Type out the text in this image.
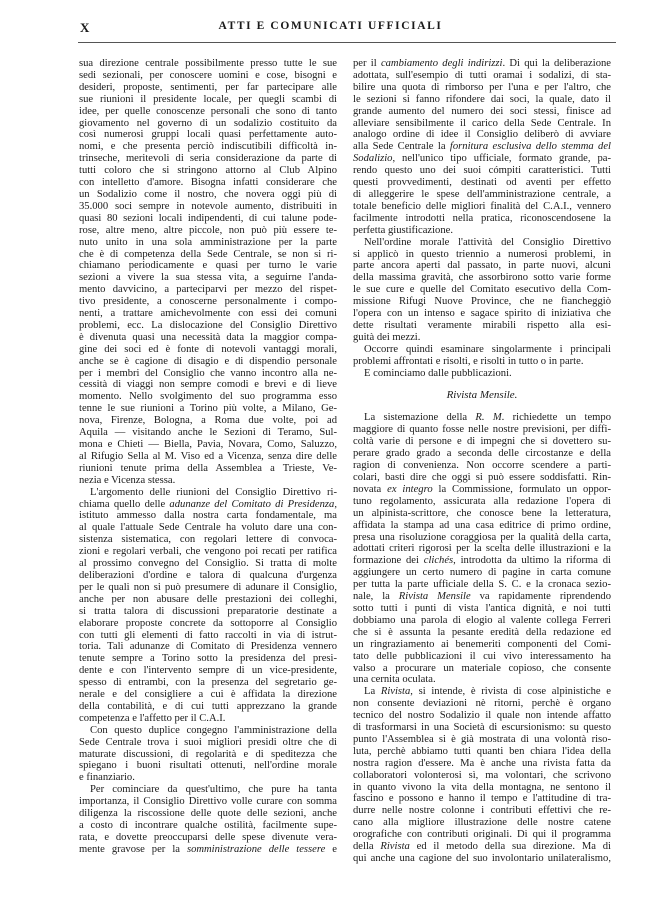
X	ATTI E COMUNICATI UFFICIALI
sua direzione centrale possibilmente presso tutte le sue
sedi sezionali, per conoscere uomini e cose, bisogni e
desideri, proposte, sentimenti, per far partecipare alle
sue riunioni il presidente locale, per quegli scambi di
idee, per quelle conoscenze personali che sono di tanto
giovamento nel governo di un sodalizio costituito da
così numerosi gruppi locali quasi perfettamente auto-
nomi, e che presenta perciò indiscutibili difficoltà in-
trinseche, meritevoli di seria considerazione da parte di
tutti coloro che si stringono attorno al Club Alpino
con intelletto d'amore. Bisogna infatti considerare che
un Sodalizio come il nostro, che novera oggi più di
35.000 soci sempre in notevole aumento, distribuiti in
quasi 80 sezioni locali indipendenti, di cui talune pode-
rose, altre meno, altre piccole, non può più essere te-
nuto unito in una sola amministrazione per la parte
che è di competenza della Sede Centrale, se non si ri-
chiamano periodicamente e quasi per turno le varie
sezioni a vivere la sua stessa vita, a seguirne l'anda-
mento davvicino, a parteciparvi per mezzo del rispet-
tivo presidente, a conoscerne personalmente i compo-
nenti, a trattare amichevolmente con essi dei comuni
problemi, ecc. La dislocazione del Consiglio Direttivo
è divenuta quasi una necessità data la maggior compa-
gine dei soci ed è fonte di notevoli vantaggi morali,
anche se è cagione di disagio e di dispendio personale
per i membri del Consiglio che vanno incontro alla ne-
cessità di viaggi non sempre comodi e brevi e di lieve
momento. Nello svolgimento del suo programma esso
tenne le sue riunioni a Torino più volte, a Milano, Ge-
nova, Firenze, Bologna, a Roma due volte, poi ad
Aquila — visitando anche le Sezioni di Teramo, Sul-
mona e Chieti — Biella, Pavia, Novara, Como, Saluzzo,
al Rifugio Sella al M. Viso ed a Vicenza, senza dire delle
riunioni tenute prima della Assemblea a Trieste, Ve-
nezia e Vicenza stessa.
L'argomento delle riunioni del Consiglio Direttivo ri-
chiama quello delle adunanze del Comitato di Presidenza,
istituto ammesso dalla nostra carta fondamentale, ma
al quale l'attuale Sede Centrale ha voluto dare una con-
sistenza sistematica, con regolari lettere di convoca-
zioni e regolari verbali, che vengono poi recati per ratifica
al prossimo convegno del Consiglio. Si tratta di molte
deliberazioni d'ordine e talora di qualcuna d'urgenza
per le quali non si può presumere di adunare il Consiglio,
anche per non abusare delle prestazioni dei colleghi,
si tratta talora di discussioni preparatorie destinate a
elaborare proposte concrete da sottoporre al Consiglio
con tutti gli elementi di fatto raccolti in via di istrut-
toria. Tali adunanze di Comitato di Presidenza vennero
tenute sempre a Torino sotto la presidenza del presi-
dente e con l'intervento sempre di un vice-presidente,
spesso di entrambi, con la presenza del segretario ge-
nerale e del consigliere a cui è affidata la direzione
della contabilità, e di cui tutti apprezzano la grande
competenza e l'affetto per il C.A.I.
Con questo duplice congegno l'amministrazione della
Sede Centrale trova i suoi migliori presidi oltre che di
maturate discussioni, di regolarità e di speditezza che
spiegano i buoni risultati ottenuti, nell'ordine morale
e finanziario.
Per cominciare da quest'ultimo, che pure ha tanta
importanza, il Consiglio Direttivo volle curare con somma
diligenza la riscossione delle quote delle sezioni, anche
a costo di incontrare qualche ostilità, facilmente supe-
rata, e dovette preoccuparsi delle spese divenute vera-
mente gravose per la somministrazione delle tessere e
per il cambiamento degli indirizzi. Di qui la deliberazione
adottata, sull'esempio di tutti oramai i sodalizi, di sta-
bilire una quota di rimborso per l'una e per l'altro, che
le sezioni si fanno rifondere dai soci, la quale, dato il
grande aumento del numero dei soci stessi, finisce ad
alleviare sensibilmente il carico della Sede Centrale. In
analogo ordine di idee il Consiglio deliberò di avviare
alla Sede Centrale la fornitura esclusiva dello stemma del
Sodalizio, nell'unico tipo ufficiale, formato grande, pa-
rendo questo uno dei suoi cómpiti caratteristici. Tutti
questi provvedimenti, destinati od aventi per effetto
di alleggerire le spese dell'amministrazione centrale, a
totale beneficio delle migliori finalità del C.A.I., vennero
facilmente introdotti nella pratica, riconoscendosene la
perfetta giustificazione.
Nell'ordine morale l'attività del Consiglio Direttivo
si applicò in questo triennio a numerosi problemi, in
parte ancora aperti dal passato, in parte nuovi, alcuni
della massima gravità, che assorbirono sotto varie forme
le sue cure e quelle del Comitato esecutivo della Com-
missione Rifugi Nuove Province, che ne fiancheggiò
l'opera con un intenso e sagace spirito di iniziativa che
dette risultati veramente mirabili rispetto alla esi-
guità dei mezzi.
Occorre quindi esaminare singolarmente i principali
problemi affrontati e risolti, e risolti in tutto o in parte.
E cominciamo dalle pubblicazioni.
Rivista Mensile.
La sistemazione della R. M. richiedette un tempo
maggiore di quanto fosse nelle nostre previsioni, per diffi-
coltà varie di persone e di impegni che si dovettero su-
perare grado grado a seconda delle circostanze e della
ragion di convenienza. Non occorre scendere a parti-
colari, basti dire che oggi si può essere soddisfatti. Rin-
novata ex integro la Commissione, formulato un oppor-
tuno regolamento, assicurata alla redazione l'opera di
un alpinista-scrittore, che conosce bene la letteratura,
affidata la stampa ad una casa editrice di primo ordine,
presa una risoluzione coraggiosa per la qualità della carta,
adottati criteri rigorosi per la scelta delle illustrazioni e la
formazione dei clichés, introdotta da ultimo la riforma di
aggiungere un certo numero di pagine in carta comune
per tutta la parte ufficiale della S. C. e la cronaca sezio-
nale, la Rivista Mensile va rapidamente riprendendo
sotto tutti i punti di vista l'antica dignità, e noi tutti
dobbiamo una parola di elogio al valente collega Ferreri
che si è assunta la pesante eredità della redazione ed
un ringraziamento ai benemeriti componenti del Comi-
tato delle pubblicazioni il cui vivo interessamento ha
valso a procurare un materiale copioso, che consente
una cernita oculata.
La Rivista, si intende, è rivista di cose alpinistiche e
non consente deviazioni nè ritorni, perchè è organo
tecnico del nostro Sodalizio il quale non intende affatto
di trasformarsi in una Società di escursionismo: su questo
punto l'Assemblea si è già mostrata di una volontà riso-
luta, perchè abbiamo tutti quanti ben chiara l'idea della
nostra ragion d'essere. Ma è anche una rivista fatta da
collaboratori volonterosi sì, ma volontari, che scrivono
in quanto vivono la vita della montagna, ne sentono il
fascino e possono e hanno il tempo e l'attitudine di tra-
durre nelle nostre colonne i contributi effettivi che re-
cano alla migliore illustrazione delle nostre catene
orografiche con contributi originali. Di qui il programma
della Rivista ed il metodo della sua direzione. Ma di
qui anche una cagione del suo involontario unilateralismo,
